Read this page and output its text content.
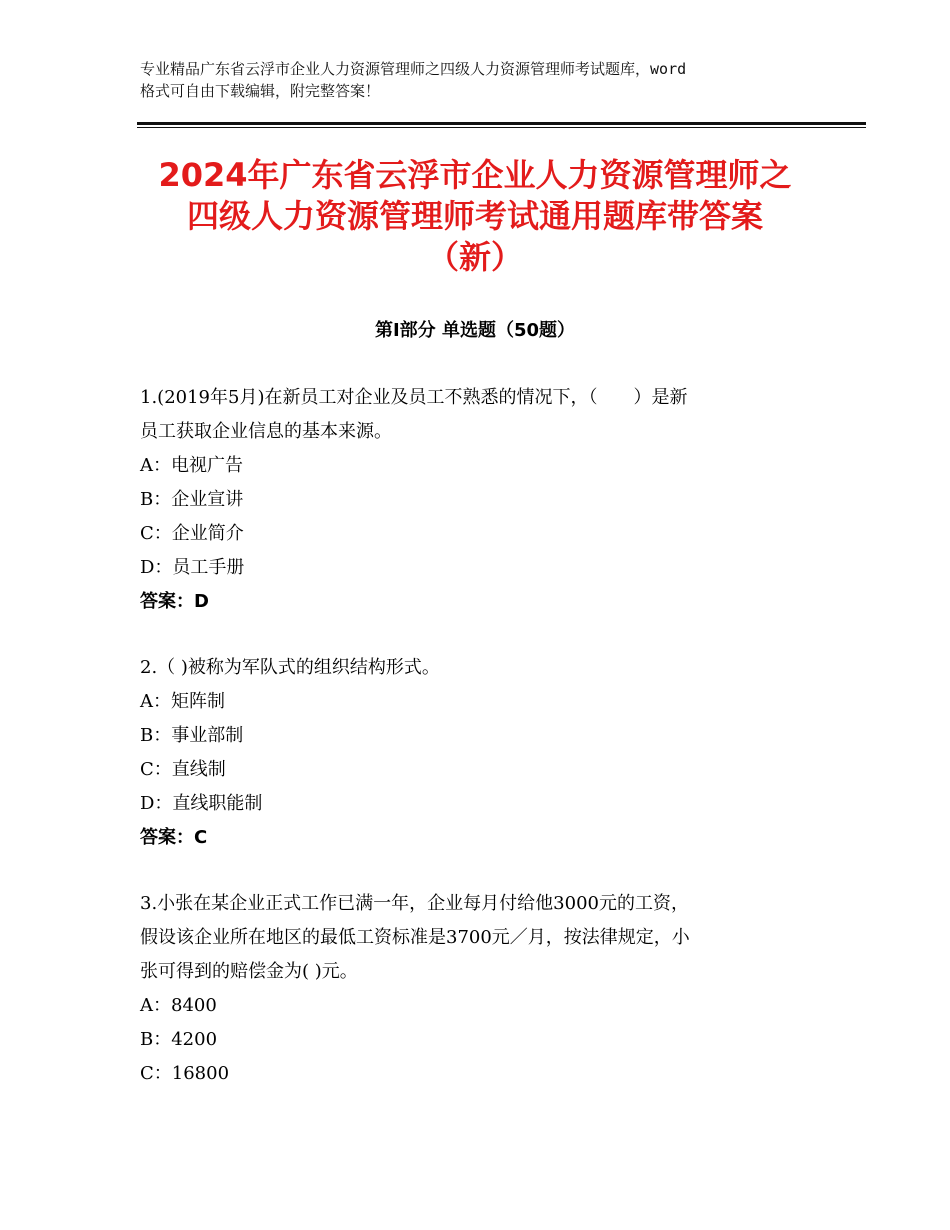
专业精品广东省云浮市企业人力资源管理师之四级人力资源管理师考试题库，word
格式可自由下载编辑，附完整答案！
2024年广东省云浮市企业人力资源管理师之
四级人力资源管理师考试通用题库带答案
（新）
第Ⅰ部分 单选题（50题）
1.(2019年5月)在新员工对企业及员工不熟悉的情况下，（　　）是新
员工获取企业信息的基本来源。
A：电视广告
B：企业宣讲
C：企业简介
D：员工手册
答案：D
2.（ )被称为军队式的组织结构形式。
A：矩阵制
B：事业部制
C：直线制
D：直线职能制
答案：C
3.小张在某企业正式工作已满一年，企业每月付给他3000元的工资，
假设该企业所在地区的最低工资标准是3700元／月，按法律规定，小
张可得到的赔偿金为( )元。
A：8400
B：4200
C：16800
